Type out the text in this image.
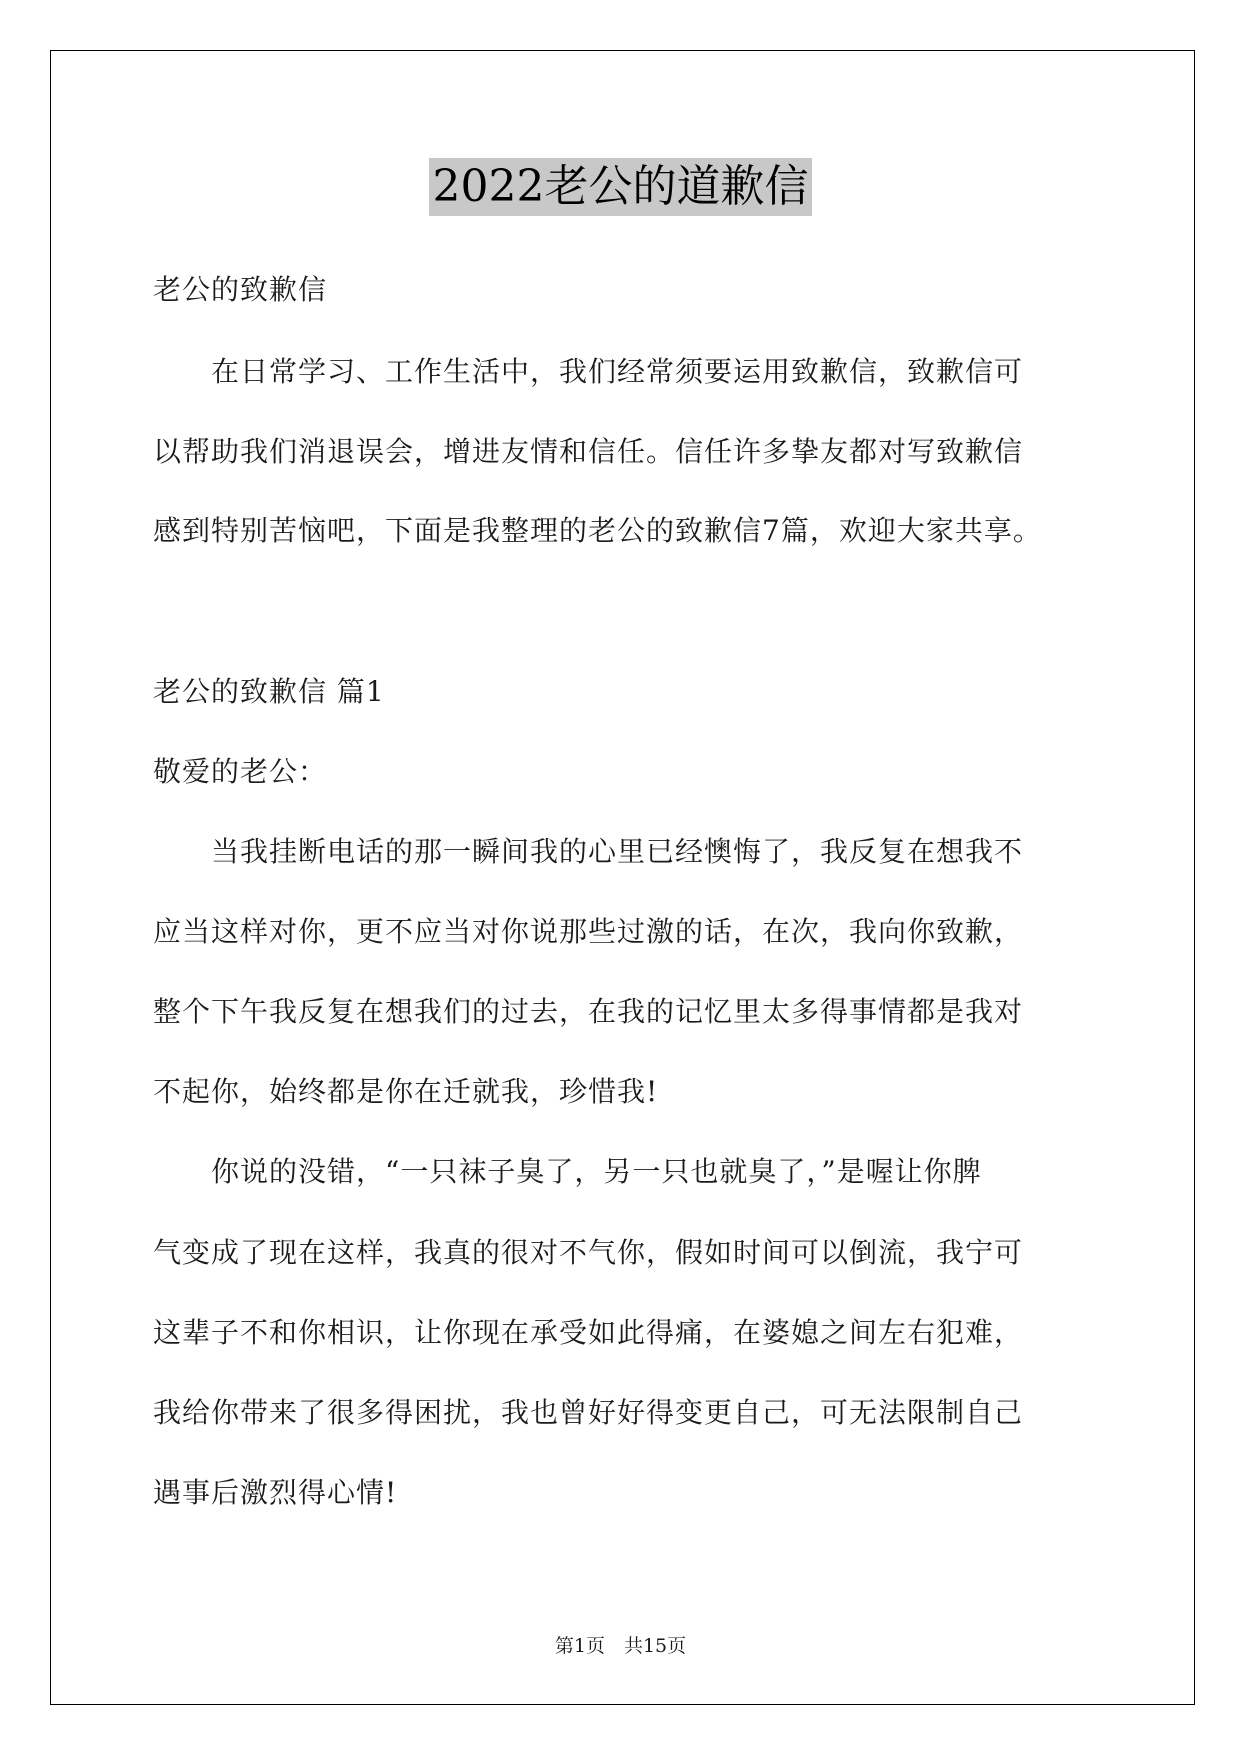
2022老公的道歉信
老公的致歉信
　　在日常学习、工作生活中，我们经常须要运用致歉信，致歉信可
以帮助我们消退误会，增进友情和信任。信任许多挚友都对写致歉信
感到特别苦恼吧，下面是我整理的老公的致歉信7篇，欢迎大家共享。
老公的致歉信 篇1
敬爱的老公：
　　当我挂断电话的那一瞬间我的心里已经懊悔了，我反复在想我不
应当这样对你，更不应当对你说那些过激的话，在次，我向你致歉，
整个下午我反复在想我们的过去，在我的记忆里太多得事情都是我对
不起你，始终都是你在迁就我，珍惜我!
　　你说的没错，“一只袜子臭了，另一只也就臭了，”是喔让你脾
气变成了现在这样，我真的很对不气你，假如时间可以倒流，我宁可
这辈子不和你相识，让你现在承受如此得痛，在婆媳之间左右犯难，
我给你带来了很多得困扰，我也曾好好得变更自己，可无法限制自己
遇事后激烈得心情!
第1页　共15页
